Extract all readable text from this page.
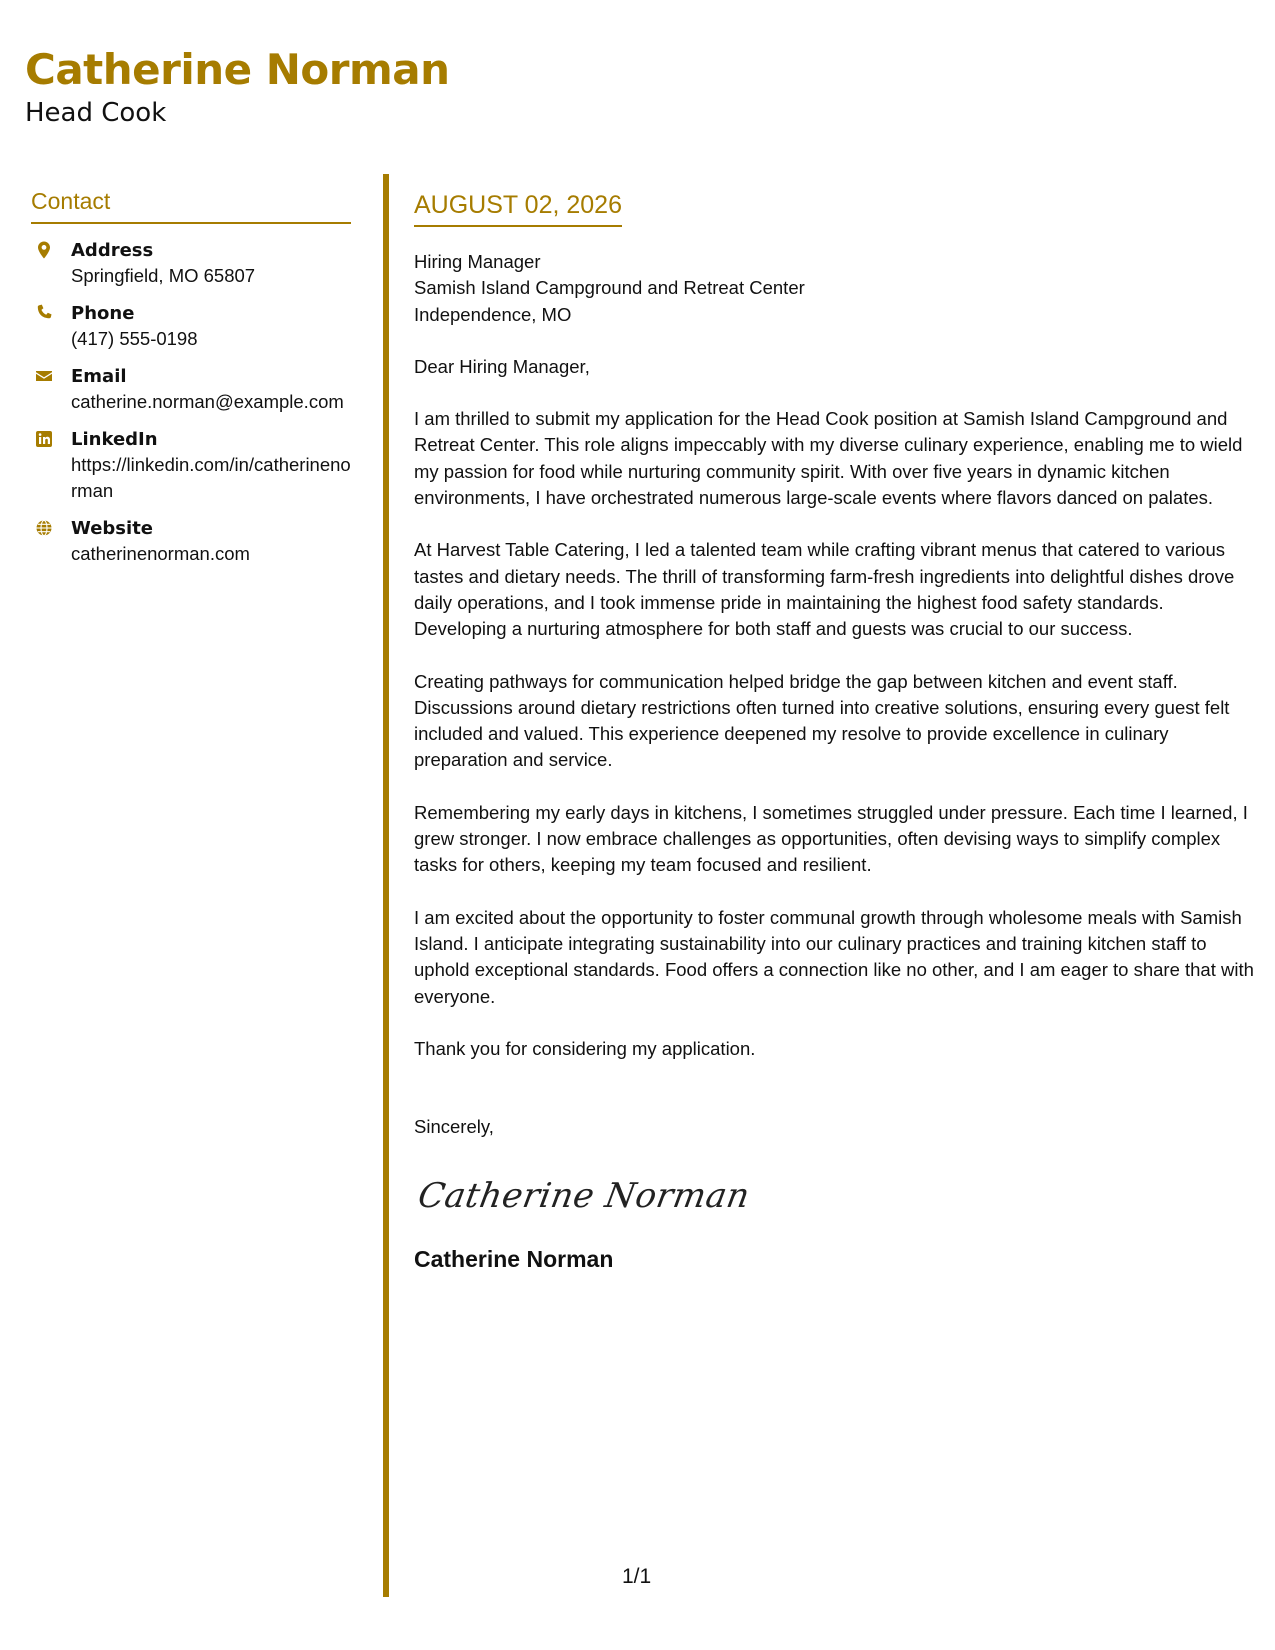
Catherine Norman
Head Cook
Contact
Address
Springfield, MO 65807
Phone
(417) 555-0198
Email
catherine.norman@example.com
LinkedIn
https://linkedin.com/in/catherinenorman
Website
catherinenorman.com
AUGUST 02, 2026
Hiring Manager
Samish Island Campground and Retreat Center
Independence, MO
Dear Hiring Manager,

I am thrilled to submit my application for the Head Cook position at Samish Island Campground and Retreat Center. This role aligns impeccably with my diverse culinary experience, enabling me to wield my passion for food while nurturing community spirit. With over five years in dynamic kitchen environments, I have orchestrated numerous large-scale events where flavors danced on palates.

At Harvest Table Catering, I led a talented team while crafting vibrant menus that catered to various tastes and dietary needs. The thrill of transforming farm-fresh ingredients into delightful dishes drove daily operations, and I took immense pride in maintaining the highest food safety standards. Developing a nurturing atmosphere for both staff and guests was crucial to our success.

Creating pathways for communication helped bridge the gap between kitchen and event staff. Discussions around dietary restrictions often turned into creative solutions, ensuring every guest felt included and valued. This experience deepened my resolve to provide excellence in culinary preparation and service.

Remembering my early days in kitchens, I sometimes struggled under pressure. Each time I learned, I grew stronger. I now embrace challenges as opportunities, often devising ways to simplify complex tasks for others, keeping my team focused and resilient.

I am excited about the opportunity to foster communal growth through wholesome meals with Samish Island. I anticipate integrating sustainability into our culinary practices and training kitchen staff to uphold exceptional standards. Food offers a connection like no other, and I am eager to share that with everyone.

Thank you for considering my application.

Sincerely,
Catherine Norman
Catherine Norman
1/1
